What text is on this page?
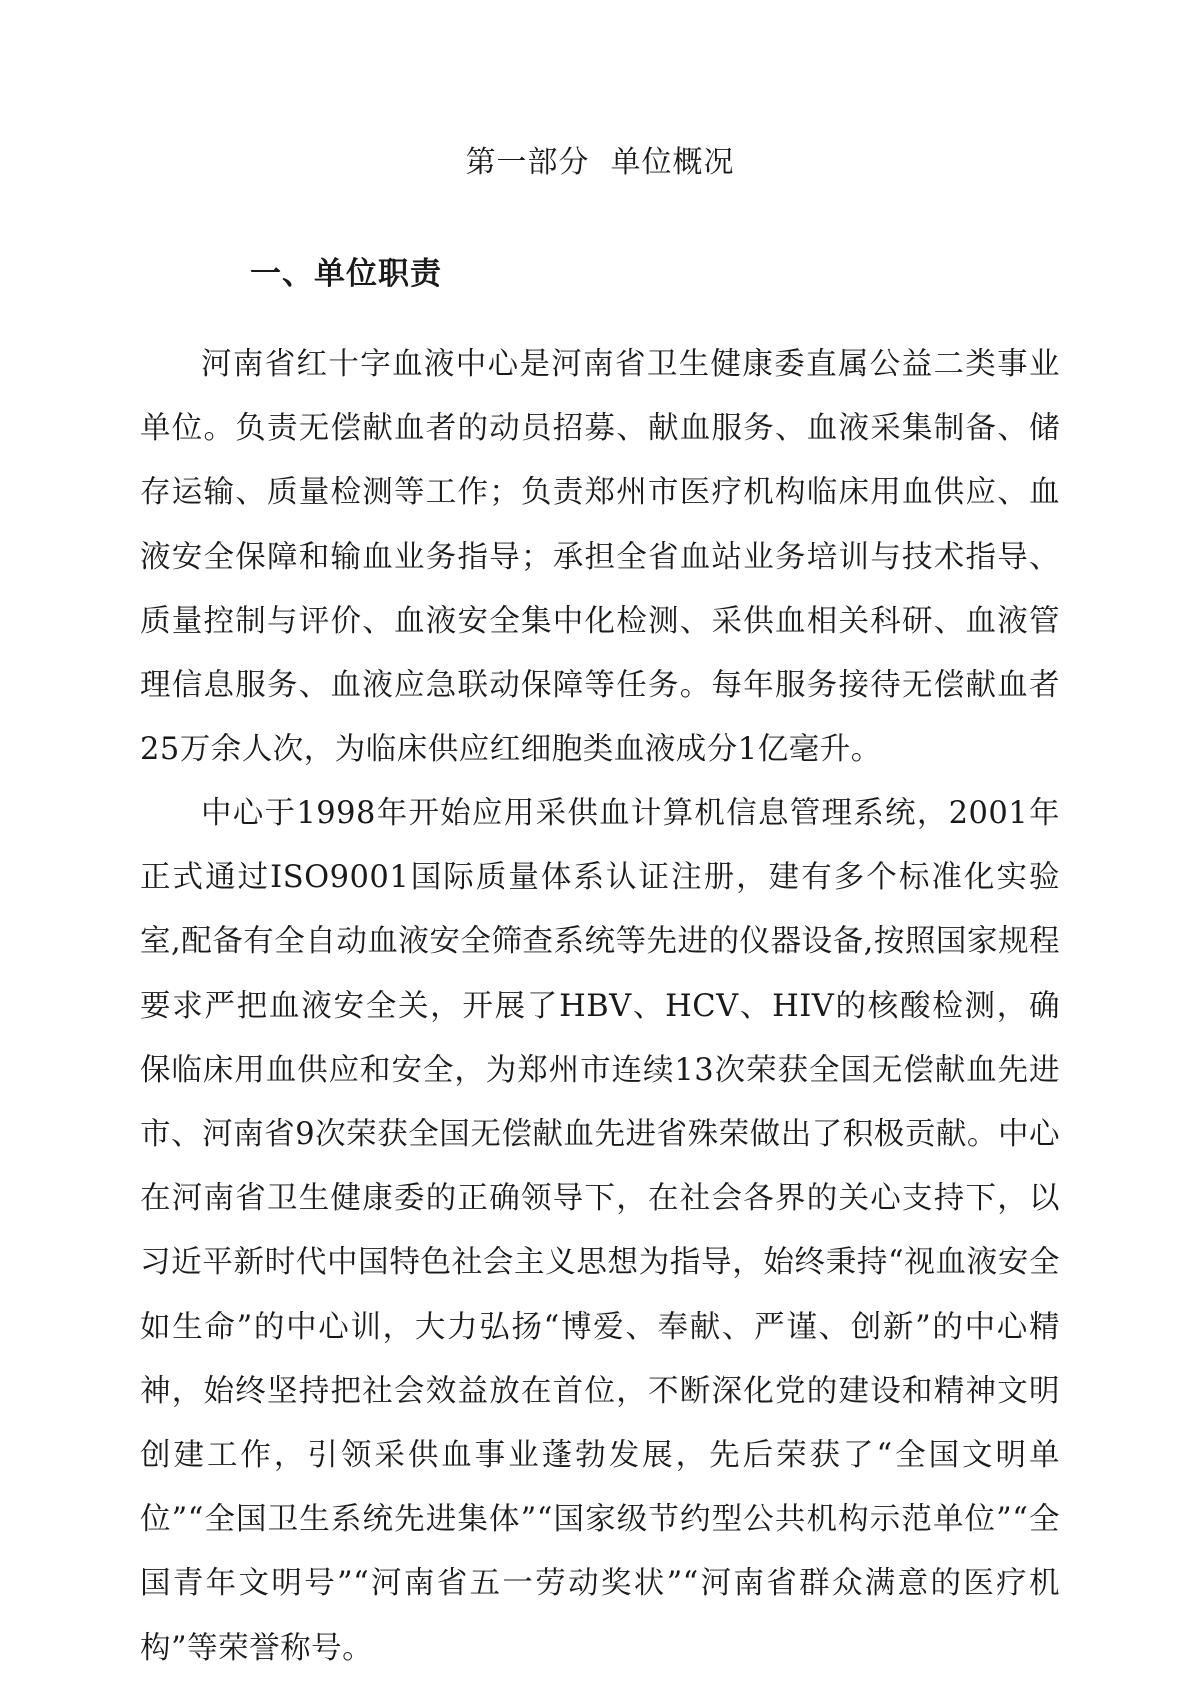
第一部分  单位概况
一、单位职责

河南省红十字血液中心是河南省卫生健康委直属公益二类事业单位。负责无偿献血者的动员招募、献血服务、血液采集制备、储存运输、质量检测等工作；负责郑州市医疗机构临床用血供应、血液安全保障和输血业务指导；承担全省血站业务培训与技术指导、质量控制与评价、血液安全集中化检测、采供血相关科研、血液管理信息服务、血液应急联动保障等任务。每年服务接待无偿献血者25万余人次，为临床供应红细胞类血液成分1亿毫升。

中心于1998年开始应用采供血计算机信息管理系统，2001年正式通过ISO9001国际质量体系认证注册，建有多个标准化实验室,配备有全自动血液安全筛查系统等先进的仪器设备,按照国家规程要求严把血液安全关，开展了HBV、HCV、HIV的核酸检测，确保临床用血供应和安全，为郑州市连续13次荣获全国无偿献血先进市、河南省9次荣获全国无偿献血先进省殊荣做出了积极贡献。中心在河南省卫生健康委的正确领导下，在社会各界的关心支持下，以习近平新时代中国特色社会主义思想为指导，始终秉持“视血液安全如生命”的中心训，大力弘扬“博爱、奉献、严谨、创新”的中心精神，始终坚持把社会效益放在首位，不断深化党的建设和精神文明创建工作，引领采供血事业蓬勃发展，先后荣获了“全国文明单位”“全国卫生系统先进集体”“国家级节约型公共机构示范单位”“全国青年文明号”“河南省五一劳动奖状”“河南省群众满意的医疗机构”等荣誉称号。
